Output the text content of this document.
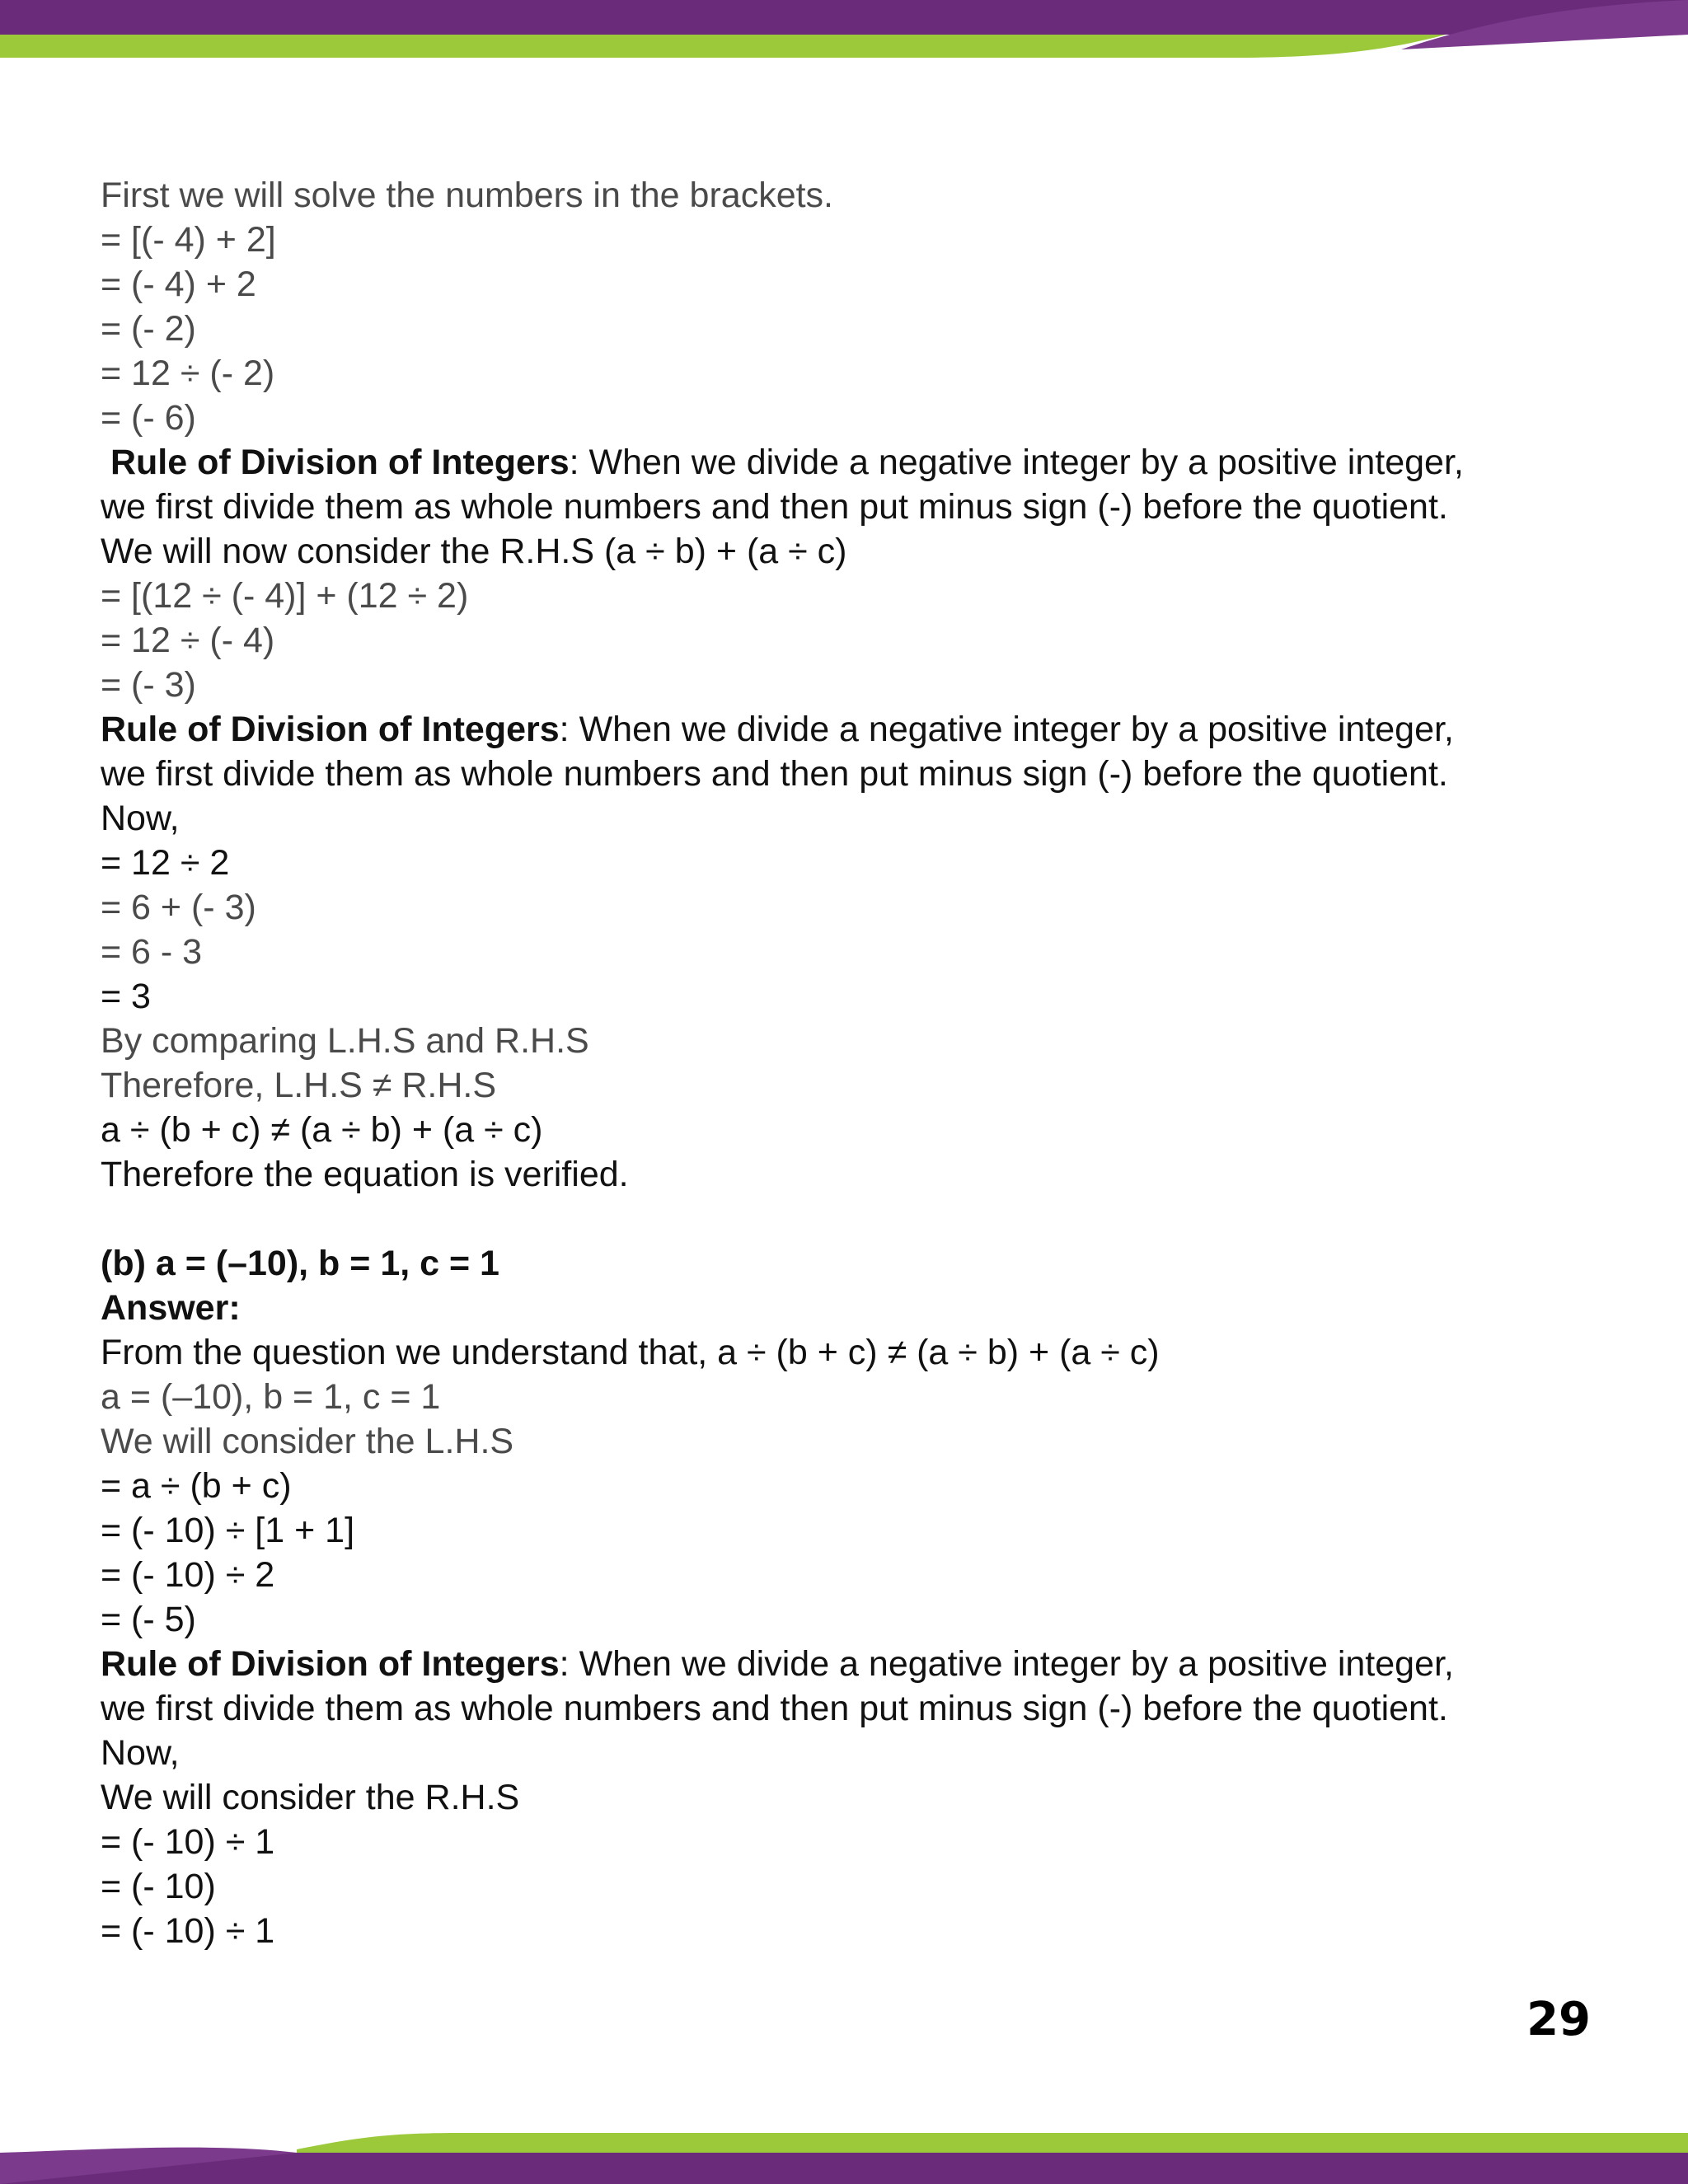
First we will solve the numbers in the brackets.
= [(- 4) + 2]
= (- 4) + 2
= (- 2)
= 12 ÷ (- 2)
= (- 6)
Rule of Division of Integers: When we divide a negative integer by a positive integer,
we first divide them as whole numbers and then put minus sign (-) before the quotient.
We will now consider the R.H.S (a ÷ b) + (a ÷ c)
= [(12 ÷ (- 4)] + (12 ÷ 2)
= 12 ÷ (- 4)
= (- 3)
Rule of Division of Integers: When we divide a negative integer by a positive integer,
we first divide them as whole numbers and then put minus sign (-) before the quotient.
Now,
= 12 ÷ 2
= 6 + (- 3)
= 6 - 3
= 3
By comparing L.H.S and R.H.S
Therefore, L.H.S ≠ R.H.S
a ÷ (b + c) ≠ (a ÷ b) + (a ÷ c)
Therefore the equation is verified.
(b) a = (–10), b = 1, c = 1
Answer:
From the question we understand that, a ÷ (b + c) ≠ (a ÷ b) + (a ÷ c)
a = (–10), b = 1, c = 1
We will consider the L.H.S
= a ÷ (b + c)
= (- 10) ÷ [1 + 1]
= (- 10) ÷ 2
= (- 5)
Rule of Division of Integers: When we divide a negative integer by a positive integer,
we first divide them as whole numbers and then put minus sign (-) before the quotient.
Now,
We will consider the R.H.S
= (- 10) ÷ 1
= (- 10)
= (- 10) ÷ 1
29
